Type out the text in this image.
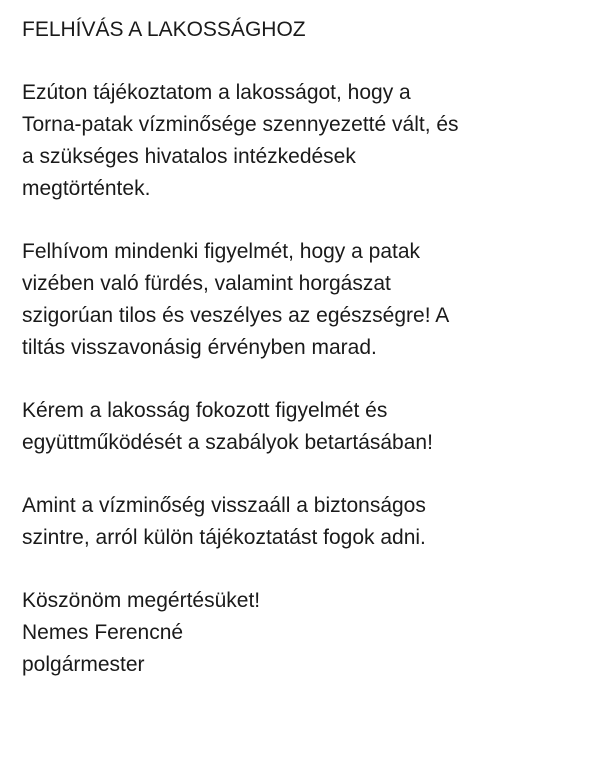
FELHÍVÁS A LAKOSSÁGHOZ

Ezúton tájékoztatom a lakosságot, hogy a
Torna-patak vízminősége szennyezetté vált, és
a szükséges hivatalos intézkedések
megtörténtek.

Felhívom mindenki figyelmét, hogy a patak
vizében való fürdés, valamint horgászat
szigorúan tilos és veszélyes az egészségre! A
tiltás visszavonásig érvényben marad.

Kérem a lakosság fokozott figyelmét és
együttműködését a szabályok betartásában!

Amint a vízminőség visszaáll a biztonságos
szintre, arról külön tájékoztatást fogok adni.

Köszönöm megértésüket!
Nemes Ferencné
polgármester
